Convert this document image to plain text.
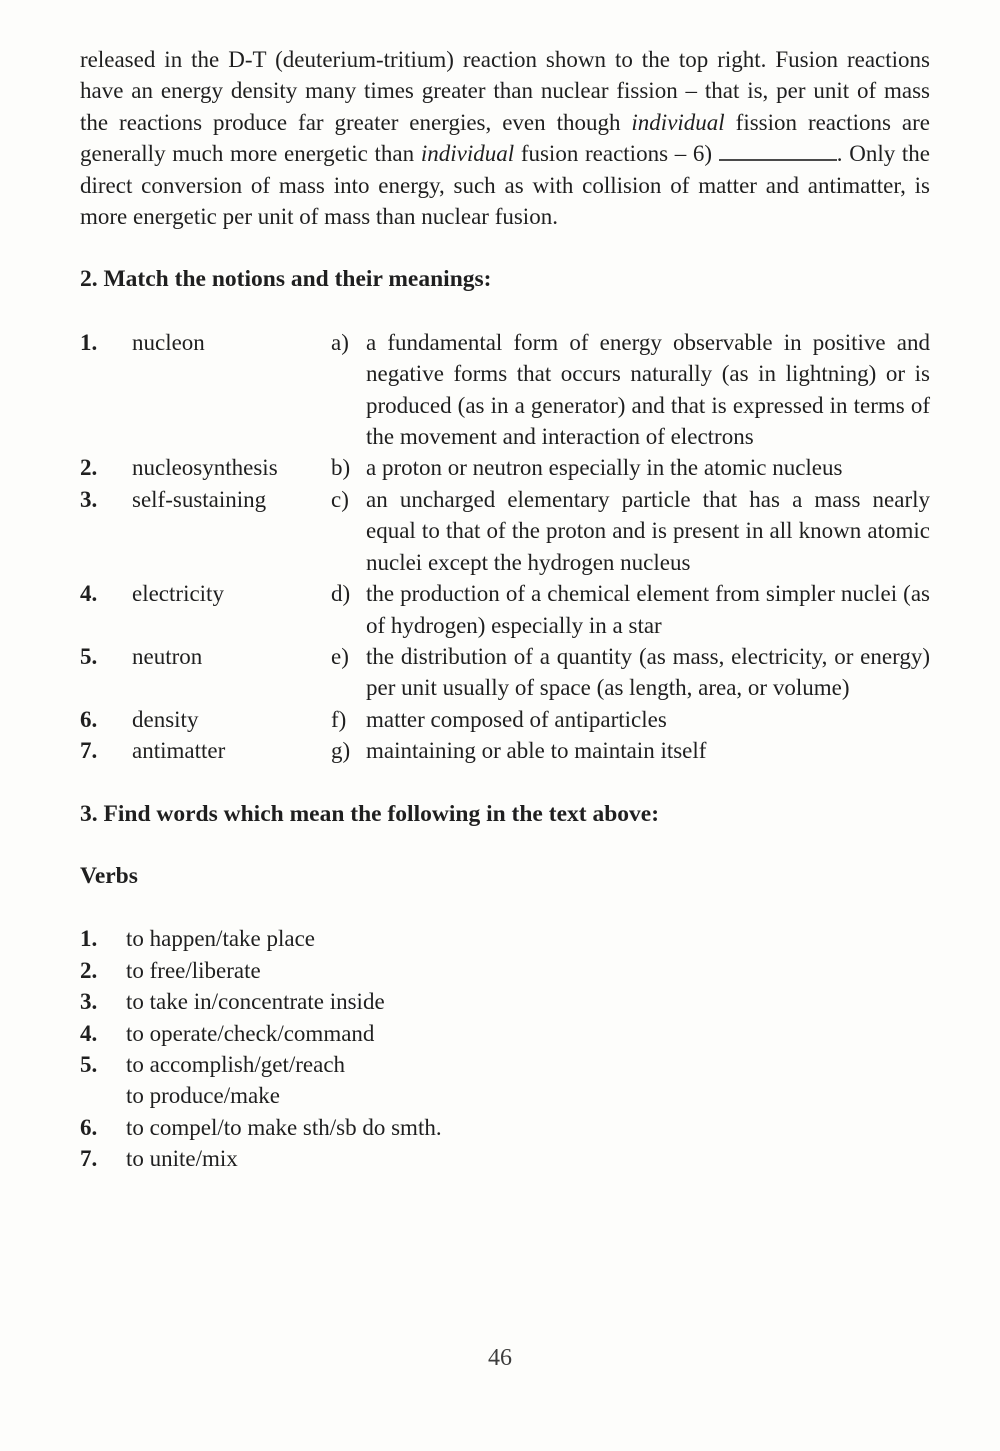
released in the D-T (deuterium-tritium) reaction shown to the top right. Fusion reactions have an energy density many times greater than nuclear fission – that is, per unit of mass the reactions produce far greater energies, even though individual fission reactions are generally much more energetic than individual fusion reactions – 6)	. Only the direct conversion of mass into energy, such as with collision of matter and antimatter, is more energetic per unit of mass than nuclear fusion.

2. Match the notions and their meanings:
1.	nucleon	a) a fundamental form of energy observable in positive and negative forms that occurs naturally (as in lightning) or is produced (as in a generator) and that is expressed in terms of the movement and interaction of electrons
2.	nucleosynthesis	b) a proton or neutron especially in the atomic nucleus
3.	self-sustaining	c) an uncharged elementary particle that has a mass nearly equal to that of the proton and is present in all known atomic nuclei except the hydrogen nucleus
4.	electricity	d) the production of a chemical element from simpler nuclei (as of hydrogen) especially in a star
5.	neutron	e) the distribution of a quantity (as mass, electricity, or energy) per unit usually of space (as length, area, or volume)
6.	density	f) matter composed of antiparticles
7.	antimatter	g) maintaining or able to maintain itself
3. Find words which mean the following in the text above:
Verbs
1.	to happen/take place
2.	to free/liberate
3.	to take in/concentrate inside
4.	to operate/check/command
5.	to accomplish/get/reach
to produce/make
6.	to compel/to make sth/sb do smth.
7.	to unite/mix
46
